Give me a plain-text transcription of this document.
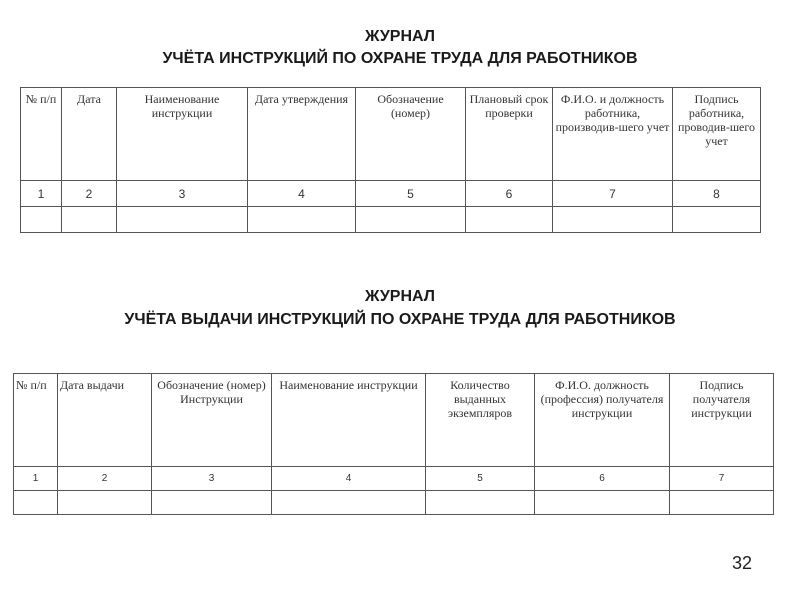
ЖУРНАЛ
УЧЁТА ИНСТРУКЦИЙ ПО ОХРАНЕ ТРУДА ДЛЯ РАБОТНИКОВ
№ п/п	Дата	Наименование инструкции	Дата утверждения	Обозначение (номер)	Плановый срок проверки	Ф.И.О. и должность работника, производив-шего учет	Подпись работника, проводив-шего учет
1	2	3	4	5	6	7	8

ЖУРНАЛ
УЧЁТА ВЫДАЧИ ИНСТРУКЦИЙ ПО ОХРАНЕ ТРУДА ДЛЯ РАБОТНИКОВ
№ п/п	Дата выдачи	Обозначение (номер) Инструкции	Наименование инструкции	Количество выданных экземпляров	Ф.И.О. должность (профессия) получателя инструкции	Подпись получателя инструкции
1	2	3	4	5	6	7

32
